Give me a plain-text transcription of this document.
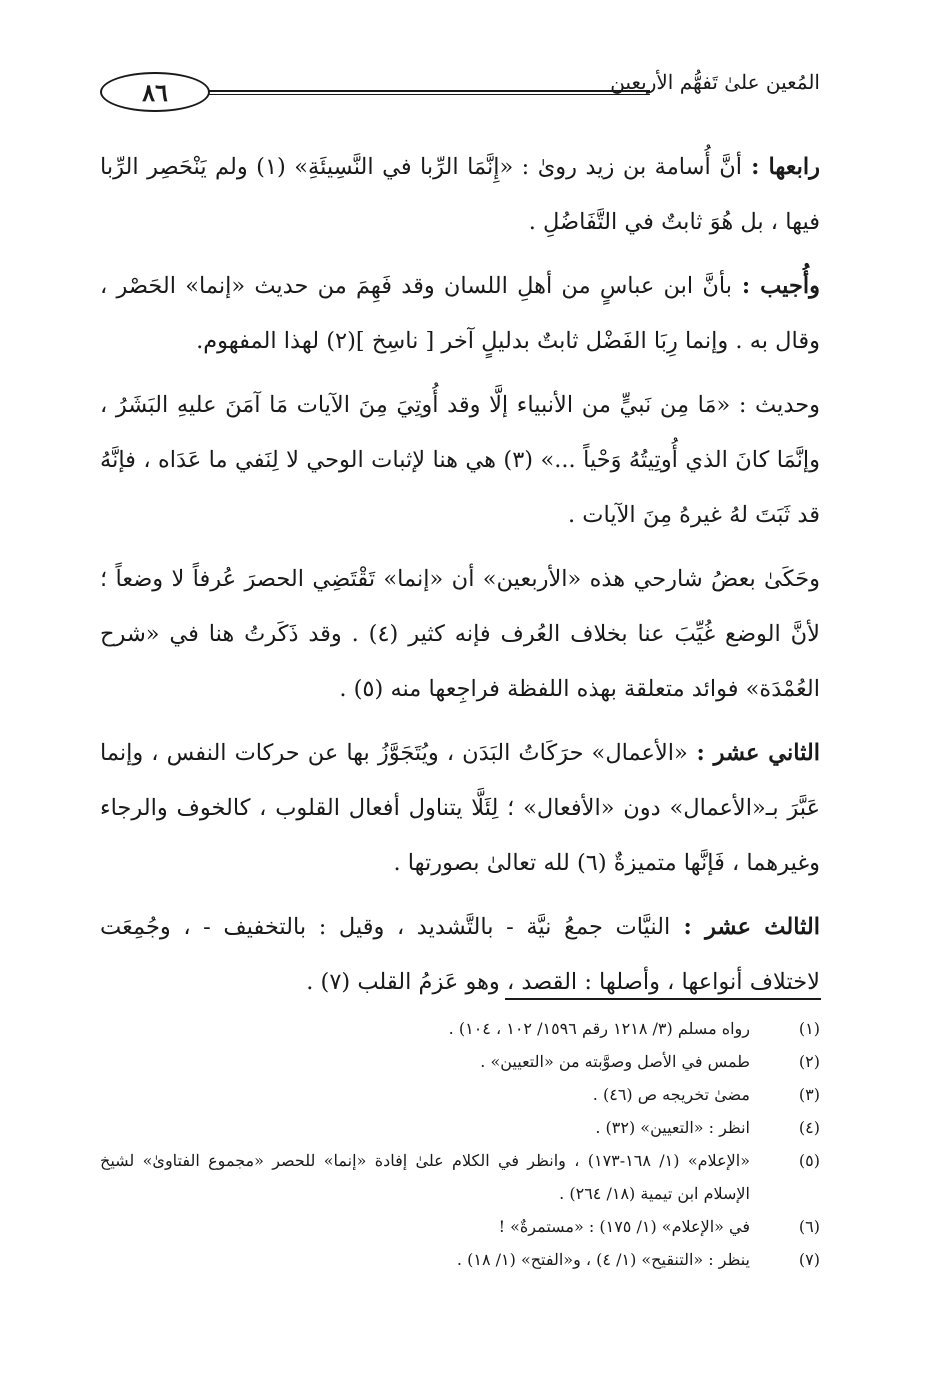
٨٦	المُعين علىٰ تَفهُّم الأربعين

رابعها : أنَّ أُسامة بن زيد روىٰ : «إِنَّمَا الرِّبا في النَّسِيئَةِ» (١) ولم يَنْحَصِر الرِّبا فيها ، بل هُوَ ثابتٌ في التَّفَاضُلِ .

وأُجيب : بأنَّ ابن عباسٍ من أهلِ اللسان وقد فَهِمَ من حديث «إنما» الحَصْر ، وقال به . وإنما رِبَا الفَضْل ثابتٌ بدليلٍ آخر [ ناسِخ ](٢) لهذا المفهوم.

وحديث : «مَا مِن نَبيٍّ من الأنبياء إلَّا وقد أُوتِيَ مِنَ الآيات مَا آمَنَ عليهِ البَشَرُ ، وإنَّمَا كانَ الذي أُوتِيتُهُ وَحْياً ...» (٣) هي هنا لإثبات الوحي لا لِنَفي ما عَدَاه ، فإنَّهُ قد ثَبَتَ لهُ غيرهُ مِنَ الآيات .

وحَكَىٰ بعضُ شارحي هذه «الأربعين» أن «إنما» تَقْتَضِي الحصرَ عُرفاً لا وضعاً ؛ لأنَّ الوضع غُيِّبَ عنا بخلاف العُرف فإنه كثير (٤) . وقد ذَكَرتُ هنا في «شرح العُمْدَة» فوائد متعلقة بهذه اللفظة فراجِعها منه (٥) .

الثاني عشر : «الأعمال» حرَكَاتُ البَدَن ، ويُتَجَوَّزُ بها عن حركات النفس ، وإنما عَبَّرَ بـ«الأعمال» دون «الأفعال» ؛ لِئَلَّا يتناول أفعال القلوب ، كالخوف والرجاء وغيرهما ، فَإنَّها متميزةٌ (٦) لله تعالىٰ بصورتها .

الثالث عشر : النيَّات جمعُ نيَّة - بالتَّشديد ، وقيل : بالتخفيف - ، وجُمِعَت لاختلاف أنواعها ، وأصلها : القصد ، وهو عَزمُ القلب (٧) .

(١)
رواه مسلم (٣/ ١٢١٨ رقم ١٥٩٦/ ١٠٢ ، ١٠٤) .
(٢)
طمس في الأصل وصوَّبته من «التعيين» .
(٣)
مضىٰ تخريجه ص (٤٦) .
(٤)
انظر : «التعيين» (٣٢) .
(٥)
«الإعلام» (١/ ١٦٨-١٧٣) ، وانظر في الكلام علىٰ إفادة «إنما» للحصر «مجموع الفتاوىٰ» لشيخ الإسلام ابن تيمية (١٨/ ٢٦٤) .
(٦)
في «الإعلام» (١/ ١٧٥) : «مستمرةٌ» !
(٧)
ينظر : «التنقيح» (١/ ٤) ، و«الفتح» (١/ ١٨) .
